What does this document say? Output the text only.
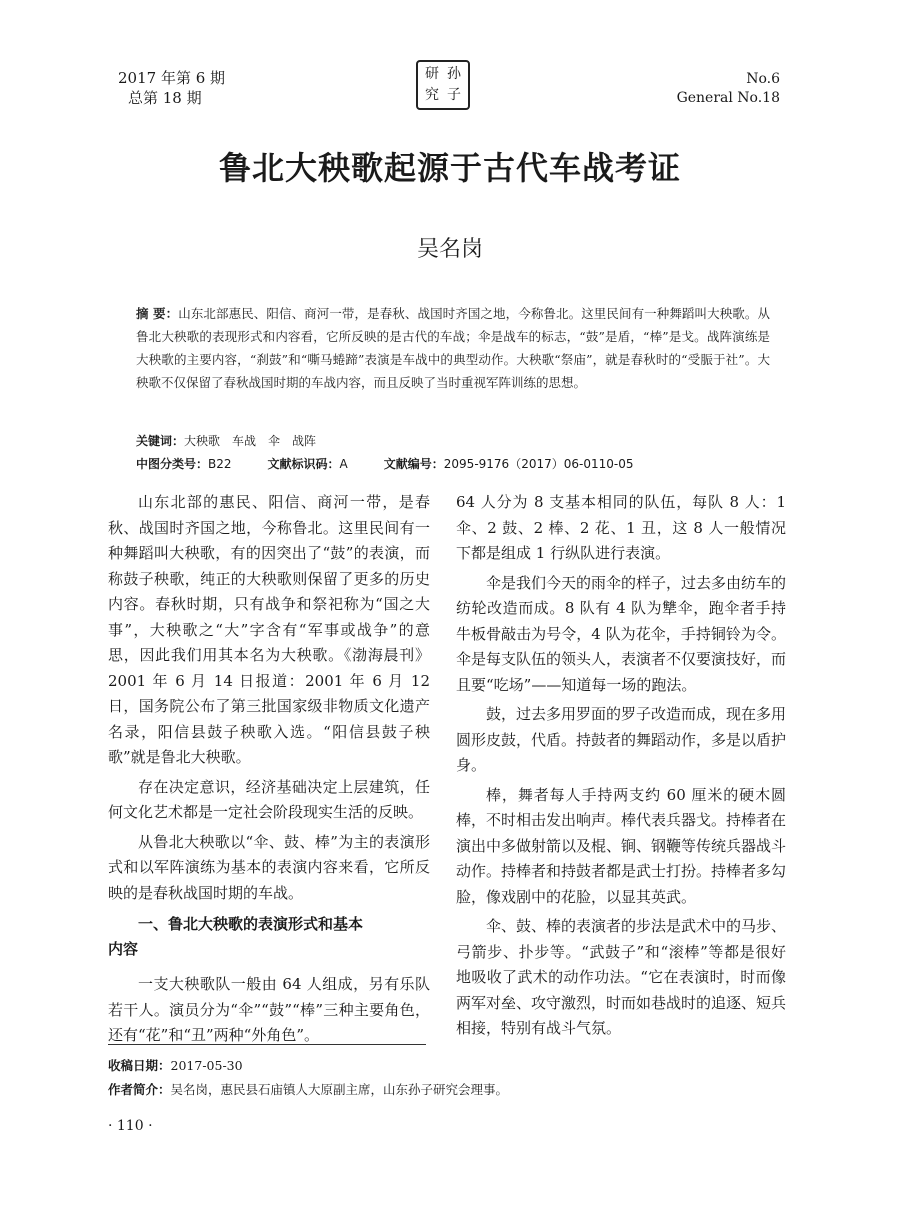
2017 年第 6 期
总第 18 期
研 孙
究 子
No.6
General No.18
鲁北大秧歌起源于古代车战考证
吴名岗
摘 要：山东北部惠民、阳信、商河一带，是春秋、战国时齐国之地，今称鲁北。这里民间有一种舞蹈叫大秧歌。从鲁北大秧歌的表现形式和内容看，它所反映的是古代的车战；伞是战车的标志，“鼓”是盾，“棒”是戈。战阵演练是大秧歌的主要内容，“刹鼓”和“嘶马蜷蹄”表演是车战中的典型动作。大秧歌“祭庙”，就是春秋时的“受脤于社”。大秧歌不仅保留了春秋战国时期的车战内容，而且反映了当时重视军阵训练的思想。
关键词：大秧歌　车战　伞　战阵
中图分类号：B22	文献标识码：A	文献编号：2095-9176（2017）06-0110-05

山东北部的惠民、阳信、商河一带，是春秋、战国时齐国之地，今称鲁北。这里民间有一种舞蹈叫大秧歌，有的因突出了“鼓”的表演，而称鼓子秧歌，纯正的大秧歌则保留了更多的历史内容。春秋时期，只有战争和祭祀称为“国之大事”，大秧歌之“大”字含有“军事或战争”的意思，因此我们用其本名为大秧歌。《渤海晨刊》2001 年 6 月 14 日报道：2001 年 6 月 12 日，国务院公布了第三批国家级非物质文化遗产名录，阳信县鼓子秧歌入选。“阳信县鼓子秧歌”就是鲁北大秧歌。

存在决定意识，经济基础决定上层建筑，任何文化艺术都是一定社会阶段现实生活的反映。

从鲁北大秧歌以“伞、鼓、棒”为主的表演形式和以军阵演练为基本的表演内容来看，它所反映的是春秋战国时期的车战。

一、鲁北大秧歌的表演形式和基本
内容

一支大秧歌队一般由 64 人组成，另有乐队若干人。演员分为“伞”“鼓”“棒”三种主要角色，还有“花”和“丑”两种“外角色”。

64 人分为 8 支基本相同的队伍，每队 8 人：1 伞、2 鼓、2 棒、2 花、1 丑，这 8 人一般情况下都是组成 1 行纵队进行表演。

伞是我们今天的雨伞的样子，过去多由纺车的纺轮改造而成。8 队有 4 队为犨伞，跑伞者手持牛板骨敲击为号令，4 队为花伞，手持铜铃为令。伞是每支队伍的领头人，表演者不仅要演技好，而且要“吃场”——知道每一场的跑法。

鼓，过去多用罗面的罗子改造而成，现在多用圆形皮鼓，代盾。持鼓者的舞蹈动作，多是以盾护身。

棒，舞者每人手持两支约 60 厘米的硬木圆棒，不时相击发出响声。棒代表兵器戈。持棒者在演出中多做射箭以及棍、锏、钢鞭等传统兵器战斗动作。持棒者和持鼓者都是武士打扮。持棒者多勾脸，像戏剧中的花脸，以显其英武。

伞、鼓、棒的表演者的步法是武术中的马步、弓箭步、扑步等。“武鼓子”和“滚棒”等都是很好地吸收了武术的动作功法。“它在表演时，时而像两军对垒、攻守激烈，时而如巷战时的追逐、短兵相接，特别有战斗气氛。

收稿日期：2017-05-30
作者简介：吴名岗，惠民县石庙镇人大原副主席，山东孙子研究会理事。
· 110 ·
